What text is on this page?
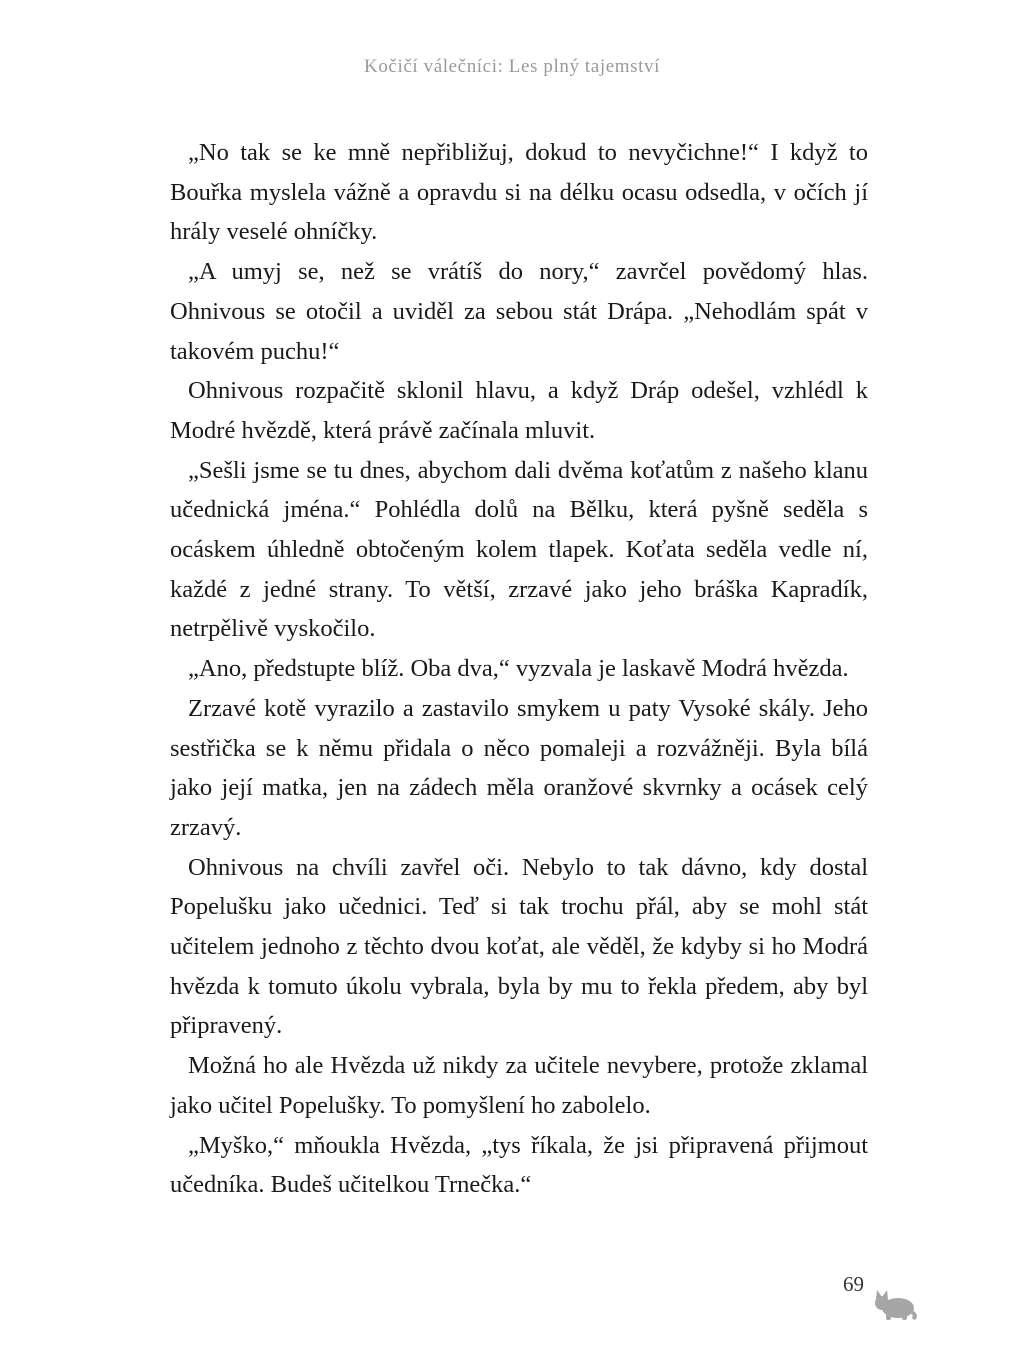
Kočičí válečníci: Les plný tajemství

„No tak se ke mně nepřibližuj, dokud to nevyčichne!“ I když to Bouřka myslela vážně a opravdu si na délku ocasu odsedla, v očích jí hrály veselé ohníčky.

„A umyj se, než se vrátíš do nory,“ zavrčel povědomý hlas. Ohnivous se otočil a uviděl za sebou stát Drápa. „Nehodlám spát v takovém puchu!“

Ohnivous rozpačitě sklonil hlavu, a když Dráp odešel, vzhlédl k Modré hvězdě, která právě začínala mluvit.

„Sešli jsme se tu dnes, abychom dali dvěma koťatům z našeho klanu učednická jména.“ Pohlédla dolů na Bělku, která pyšně seděla s ocáskem úhledně obtočeným kolem tlapek. Koťata seděla vedle ní, každé z jedné strany. To větší, zrzavé jako jeho bráška Kapradík, netrpělivě vyskočilo.

„Ano, předstupte blíž. Oba dva,“ vyzvala je laskavě Modrá hvězda.

Zrzavé kotě vyrazilo a zastavilo smykem u paty Vysoké skály. Jeho sestřička se k němu přidala o něco pomaleji a rozvážněji. Byla bílá jako její matka, jen na zádech měla oranžové skvrnky a ocásek celý zrzavý.

Ohnivous na chvíli zavřel oči. Nebylo to tak dávno, kdy dostal Popelušku jako učednici. Teď si tak trochu přál, aby se mohl stát učitelem jednoho z těchto dvou koťat, ale věděl, že kdyby si ho Modrá hvězda k tomuto úkolu vybrala, byla by mu to řekla předem, aby byl připravený.

Možná ho ale Hvězda už nikdy za učitele nevybere, protože zklamal jako učitel Popelušky. To pomyšlení ho zabolelo.

„Myško,“ mňoukla Hvězda, „tys říkala, že jsi připravená přijmout učedníka. Budeš učitelkou Trnečka.“

69
